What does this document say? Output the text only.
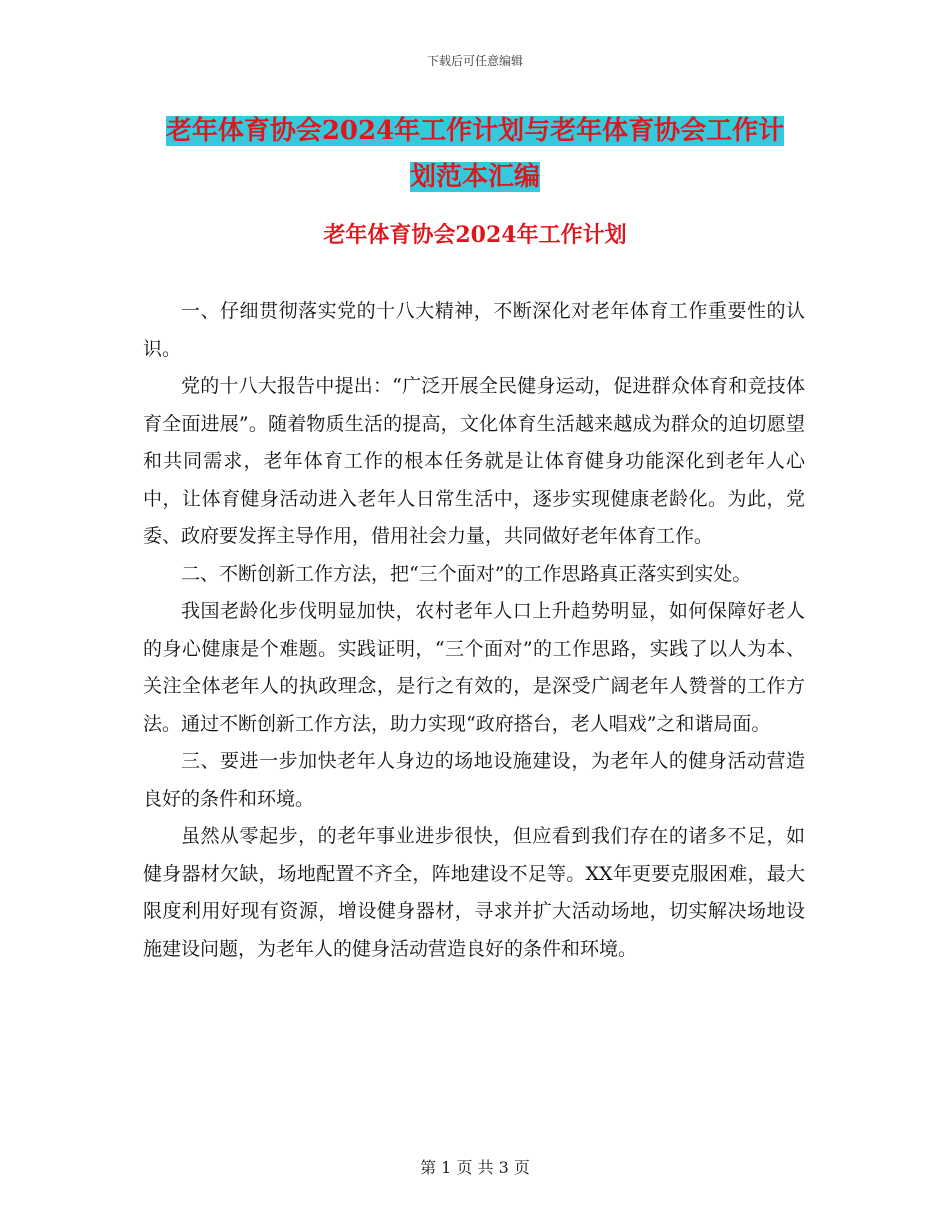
下载后可任意编辑
老年体育协会2024年工作计划与老年体育协会工作计
划范本汇编
老年体育协会2024年工作计划

一、仔细贯彻落实党的十八大精神，不断深化对老年体育工作重要性的认识。

党的十八大报告中提出：“广泛开展全民健身运动，促进群众体育和竞技体育全面进展”。随着物质生活的提高，文化体育生活越来越成为群众的迫切愿望和共同需求，老年体育工作的根本任务就是让体育健身功能深化到老年人心中，让体育健身活动进入老年人日常生活中，逐步实现健康老龄化。为此，党委、政府要发挥主导作用，借用社会力量，共同做好老年体育工作。

二、不断创新工作方法，把“三个面对”的工作思路真正落实到实处。

我国老龄化步伐明显加快，农村老年人口上升趋势明显，如何保障好老人的身心健康是个难题。实践证明，“三个面对”的工作思路，实践了以人为本、关注全体老年人的执政理念，是行之有效的，是深受广阔老年人赞誉的工作方法。通过不断创新工作方法，助力实现“政府搭台，老人唱戏”之和谐局面。

三、要进一步加快老年人身边的场地设施建设，为老年人的健身活动营造良好的条件和环境。

虽然从零起步，的老年事业进步很快，但应看到我们存在的诸多不足，如健身器材欠缺，场地配置不齐全，阵地建设不足等。XX年更要克服困难，最大限度利用好现有资源，增设健身器材，寻求并扩大活动场地，切实解决场地设施建设问题，为老年人的健身活动营造良好的条件和环境。

第 1 页 共 3 页
